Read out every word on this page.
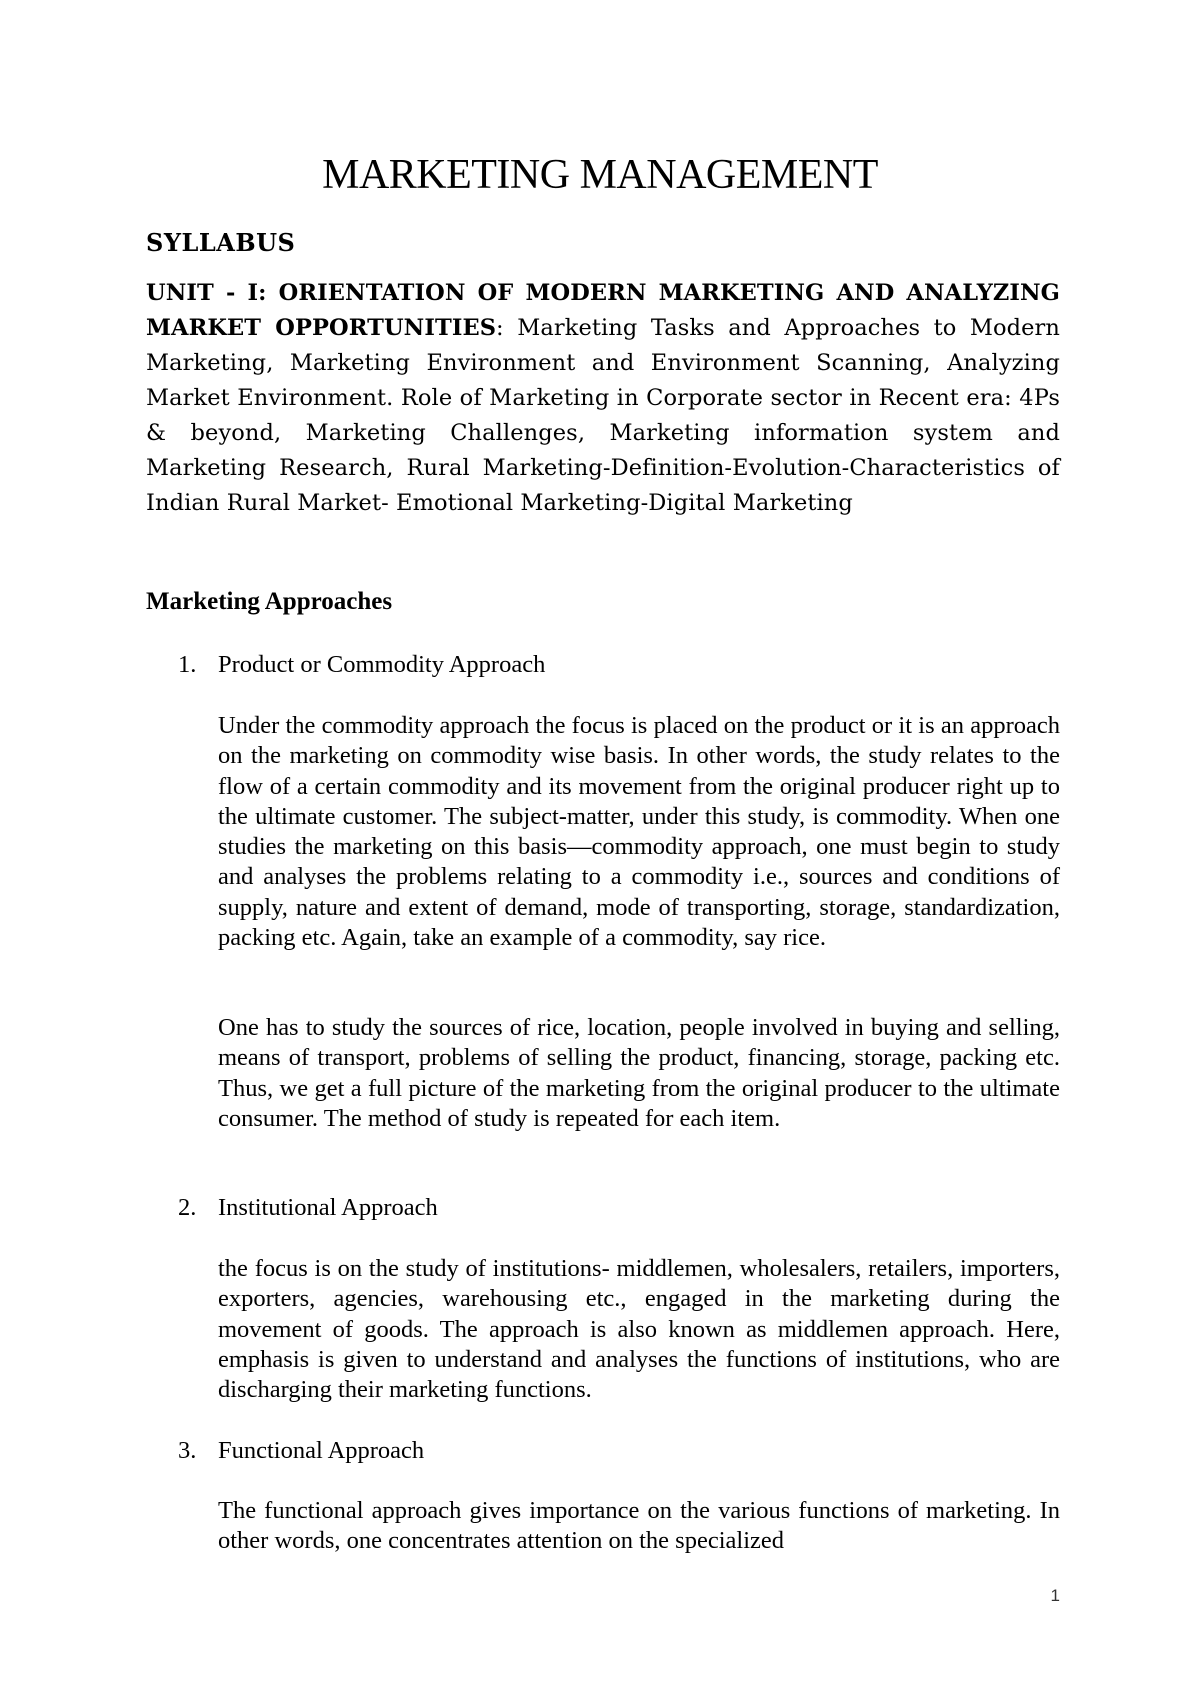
MARKETING MANAGEMENT
SYLLABUS
UNIT - I: ORIENTATION OF MODERN MARKETING AND ANALYZING MARKET OPPORTUNITIES: Marketing Tasks and Approaches to Modern Marketing, Marketing Environment and Environment Scanning, Analyzing Market Environment. Role of Marketing in Corporate sector in Recent era: 4Ps & beyond, Marketing Challenges, Marketing information system and Marketing Research, Rural Marketing-Definition-Evolution-Characteristics of Indian Rural Market- Emotional Marketing-Digital Marketing
Marketing Approaches
1. Product or Commodity Approach
Under the commodity approach the focus is placed on the product or it is an approach on the marketing on commodity wise basis. In other words, the study relates to the flow of a certain commodity and its movement from the original producer right up to the ultimate customer. The subject-matter, under this study, is commodity. When one studies the marketing on this basis—commodity approach, one must begin to study and analyses the problems relating to a commodity i.e., sources and conditions of supply, nature and extent of demand, mode of transporting, storage, standardization, packing etc. Again, take an example of a commodity, say rice.
One has to study the sources of rice, location, people involved in buying and selling, means of transport, problems of selling the product, financing, storage, packing etc. Thus, we get a full picture of the marketing from the original producer to the ultimate consumer. The method of study is repeated for each item.
2. Institutional Approach
the focus is on the study of institutions- middlemen, wholesalers, retailers, importers, exporters, agencies, warehousing etc., engaged in the marketing during the movement of goods. The approach is also known as middlemen approach. Here, emphasis is given to understand and analyses the functions of institutions, who are discharging their marketing functions.
3. Functional Approach
The functional approach gives importance on the various functions of marketing. In other words, one concentrates attention on the specialized
1
